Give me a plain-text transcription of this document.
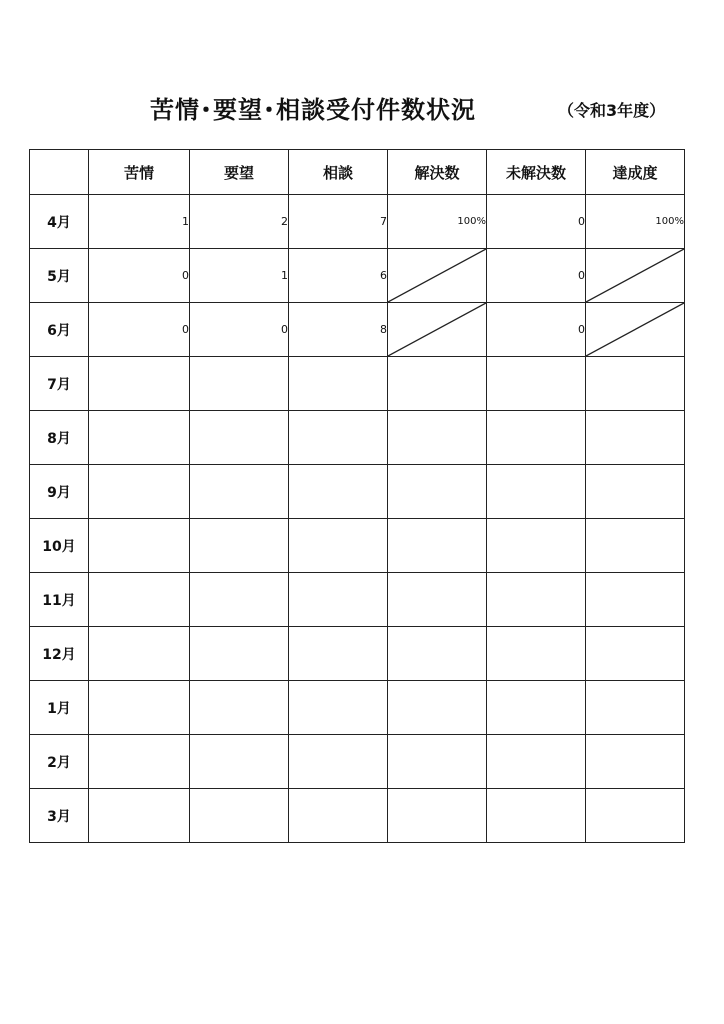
苦情･要望･相談受付件数状況	（令和3年度）
	苦情	要望	相談	解決数	未解決数	達成度
4月	1	2	7	100%	0	100%
5月	0	1	6		0	

6月	0	0	8		0	

7月						
8月						
9月						
10月						
11月						
12月						
1月						
2月						
3月						
